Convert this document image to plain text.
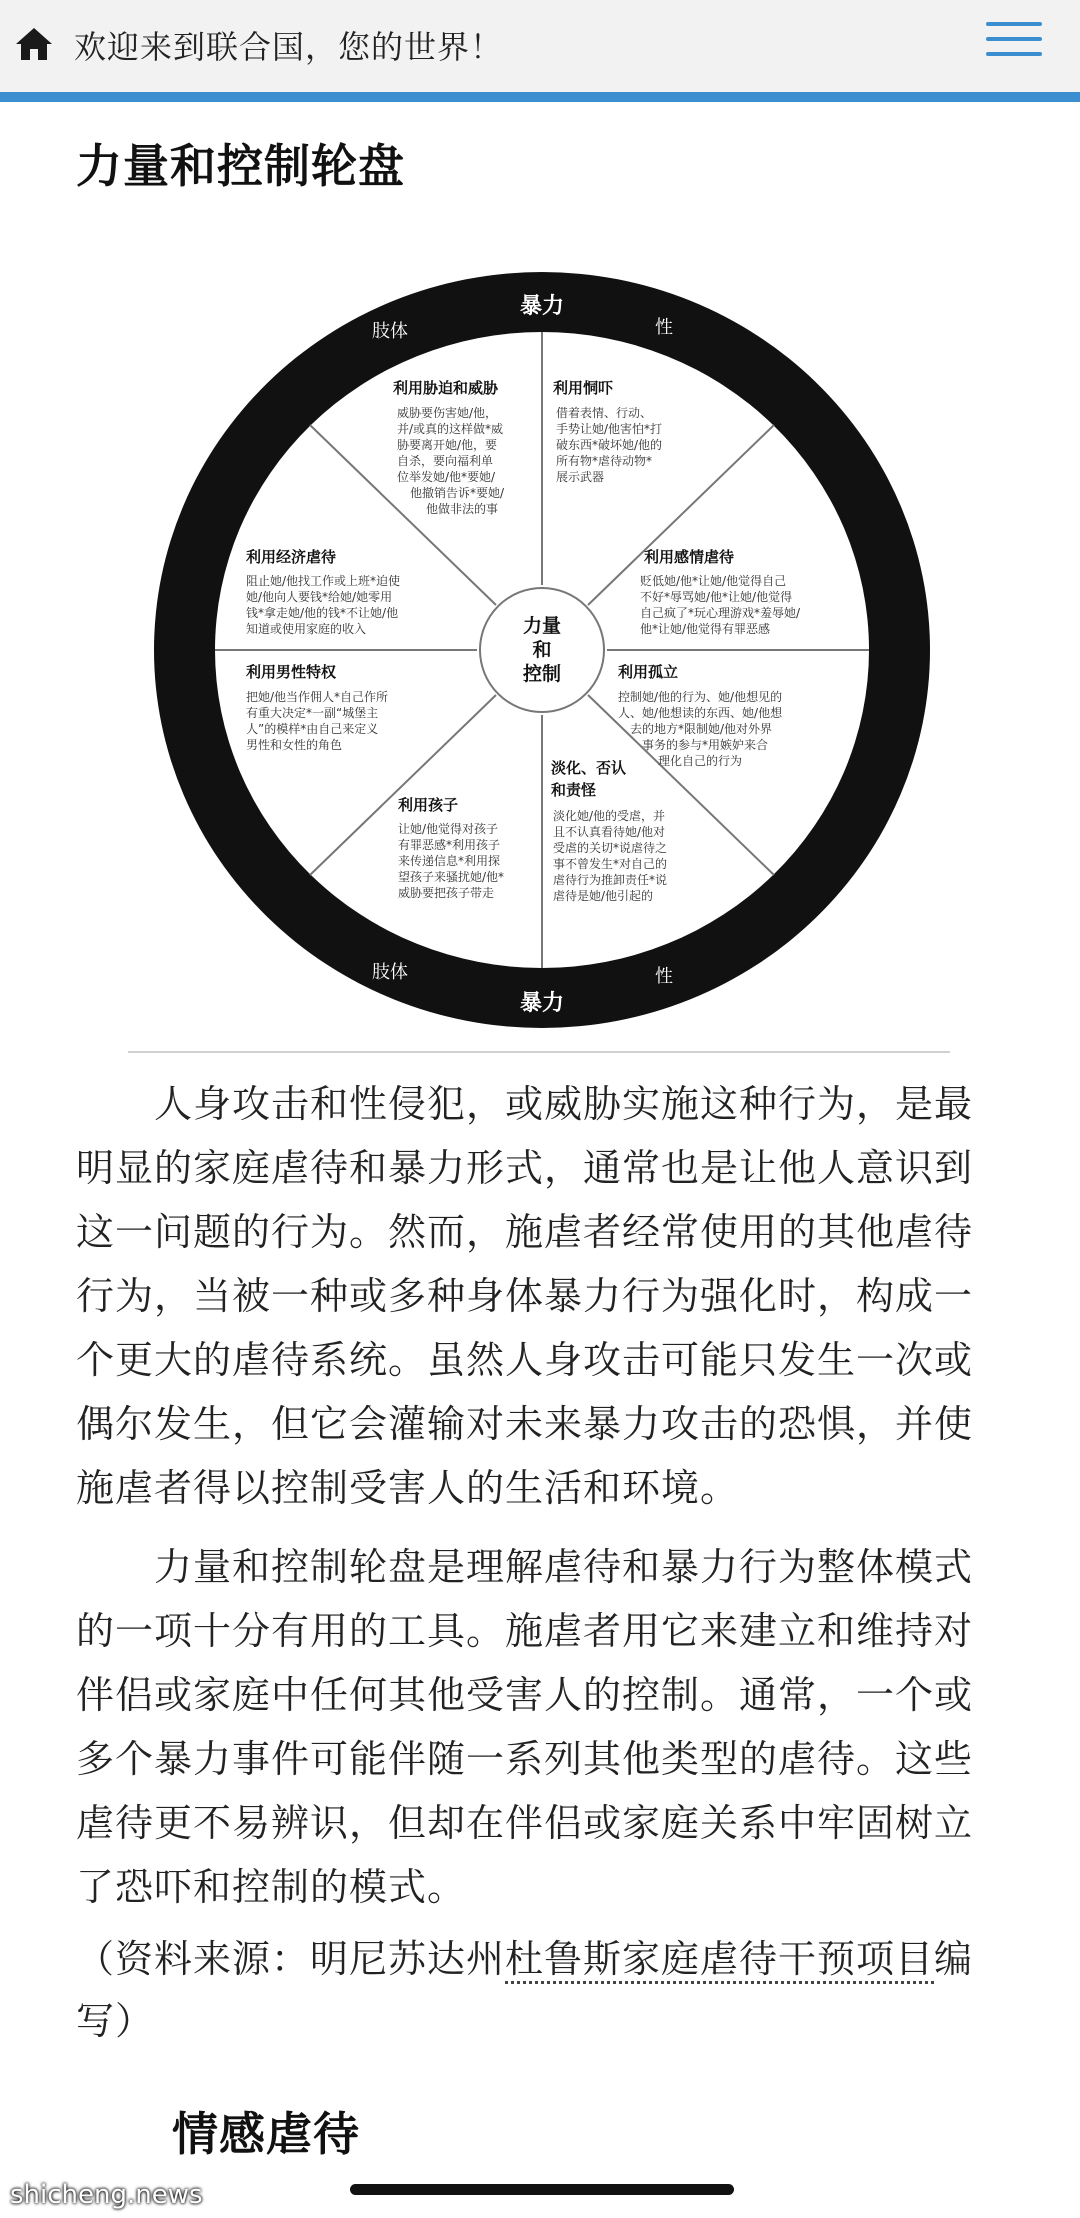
欢迎来到联合国，您的世界！
力量和控制轮盘
力量
和
控制
暴力
暴力
肢体
肢体
性
性
利用胁迫和威胁
威胁要伤害她/他，
并/或真的这样做*威
胁要离开她/他，要
自杀，要向福利单
位举发她/他*要她/
他撤销告诉*要她/
他做非法的事
利用恫吓
借着表情、行动、
手势让她/他害怕*打
破东西*破坏她/他的
所有物*虐待动物*
展示武器
利用感情虐待
贬低她/他*让她/他觉得自己
不好*辱骂她/他*让她/他觉得
自己疯了*玩心理游戏*羞辱她/
他*让她/他觉得有罪恶感
利用孤立
控制她/他的行为、她/他想见的
人、她/他想读的东西、她/他想
去的地方*限制她/他对外界
事务的参与*用嫉妒来合
理化自己的行为
淡化、否认
和责怪
淡化她/他的受虐，并
且不认真看待她/他对
受虐的关切*说虐待之
事不曾发生*对自己的
虐待行为推卸责任*说
虐待是她/他引起的
利用孩子
让她/他觉得对孩子
有罪恶感*利用孩子
来传递信息*利用探
望孩子来骚扰她/他*
威胁要把孩子带走
利用男性特权
把她/他当作佣人*自己作所
有重大决定*一副“城堡主
人”的模样*由自己来定义
男性和女性的角色
利用经济虐待
阻止她/他找工作或上班*迫使
她/他向人要钱*给她/她零用
钱*拿走她/他的钱*不让她/他
知道或使用家庭的收入

人身攻击和性侵犯，或威胁实施这种行为，是最明显的家庭虐待和暴力形式，通常也是让他人意识到这一问题的行为。然而，施虐者经常使用的其他虐待行为，当被一种或多种身体暴力行为强化时，构成一个更大的虐待系统。虽然人身攻击可能只发生一次或偶尔发生，但它会灌输对未来暴力攻击的恐惧，并使施虐者得以控制受害人的生活和环境。

力量和控制轮盘是理解虐待和暴力行为整体模式的一项十分有用的工具。施虐者用它来建立和维持对伴侣或家庭中任何其他受害人的控制。通常，一个或多个暴力事件可能伴随一系列其他类型的虐待。这些虐待更不易辨识，但却在伴侣或家庭关系中牢固树立了恐吓和控制的模式。

（资料来源：明尼苏达州杜鲁斯家庭虐待干预项目编写）

情感虐待
shicheng.news
